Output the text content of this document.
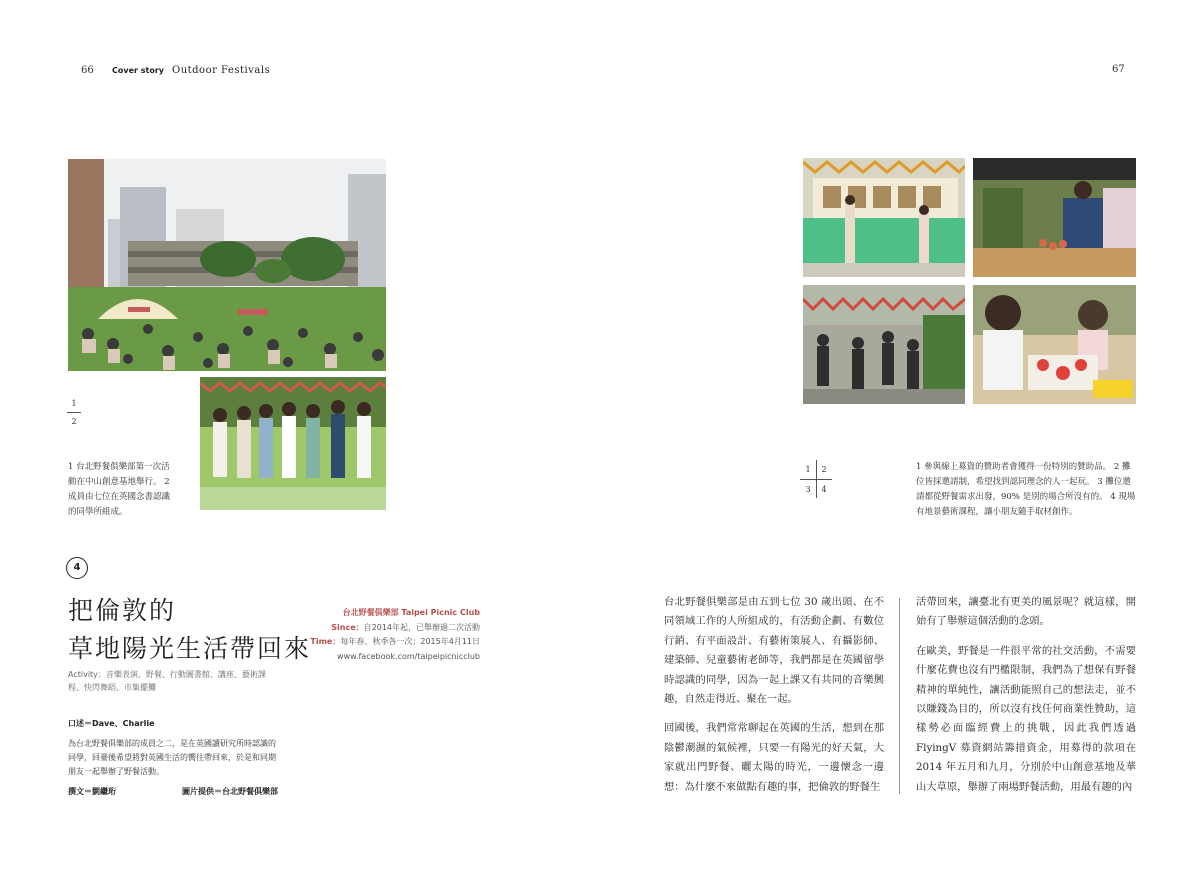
66 Cover story Outdoor Festivals	67
1
2
1 台北野餐俱樂部第一次活動在中山創意基地舉行。 2 成員由七位在英國念書認識的同學所組成。
1	2
3	4
1 參與線上募資的贊助者會獲得一份特別的贊助品。 2 攤位皆採邀請制，希望找到認同理念的人一起玩。 3 攤位邀請都從野餐需求出發，90% 是別的場合所沒有的。 4 現場有地景藝術課程，讓小朋友隨手取材創作。
4
把倫敦的
草地陽光生活帶回來
Activity：音樂表演、野餐、行動圖書館、講座、藝術課程、快閃舞蹈、市集擺攤
口述＝Dave、Charlie
為台北野餐俱樂部的成員之二，是在英國讀研究所時認識的同學，回臺後希望將對英國生活的嚮往帶回來，於是和同期朋友一起舉辦了野餐活動。
撰文＝劉繼珩	圖片提供＝台北野餐俱樂部
台北野餐俱樂部 Taipei Picnic Club
Since：自2014年起，已舉辦過二次活動
Time：每年春、秋季各一次；2015年4月11日
www.facebook.com/taipeipicnicclub

台北野餐俱樂部是由五到七位 30 歲出頭、在不同領域工作的人所組成的，有活動企劃、有數位行銷、有平面設計、有藝術策展人、有攝影師、建築師、兒童藝術老師等，我們都是在英國留學時認識的同學，因為一起上課又有共同的音樂興趣，自然走得近、聚在一起。

回國後，我們常常聊起在英國的生活，想到在那陰鬱潮濕的氣候裡，只要一有陽光的好天氣，大家就出門野餐、曬太陽的時光，一邊懷念一邊想：為什麼不來做點有趣的事，把倫敦的野餐生

活帶回來，讓臺北有更美的風景呢？就這樣，開始有了舉辦這個活動的念頭。

在歐美，野餐是一件很平常的社交活動，不需要什麼花費也沒有門檻限制，我們為了想保有野餐精神的單純性，讓活動能照自己的想法走，並不以賺錢為目的，所以沒有找任何商業性贊助，這樣勢必面臨經費上的挑戰，因此我們透過 FlyingV 募資網站籌措資金，用募得的款項在 2014 年五月和九月，分別於中山創意基地及華山大草原，舉辦了兩場野餐活動，用最有趣的內
